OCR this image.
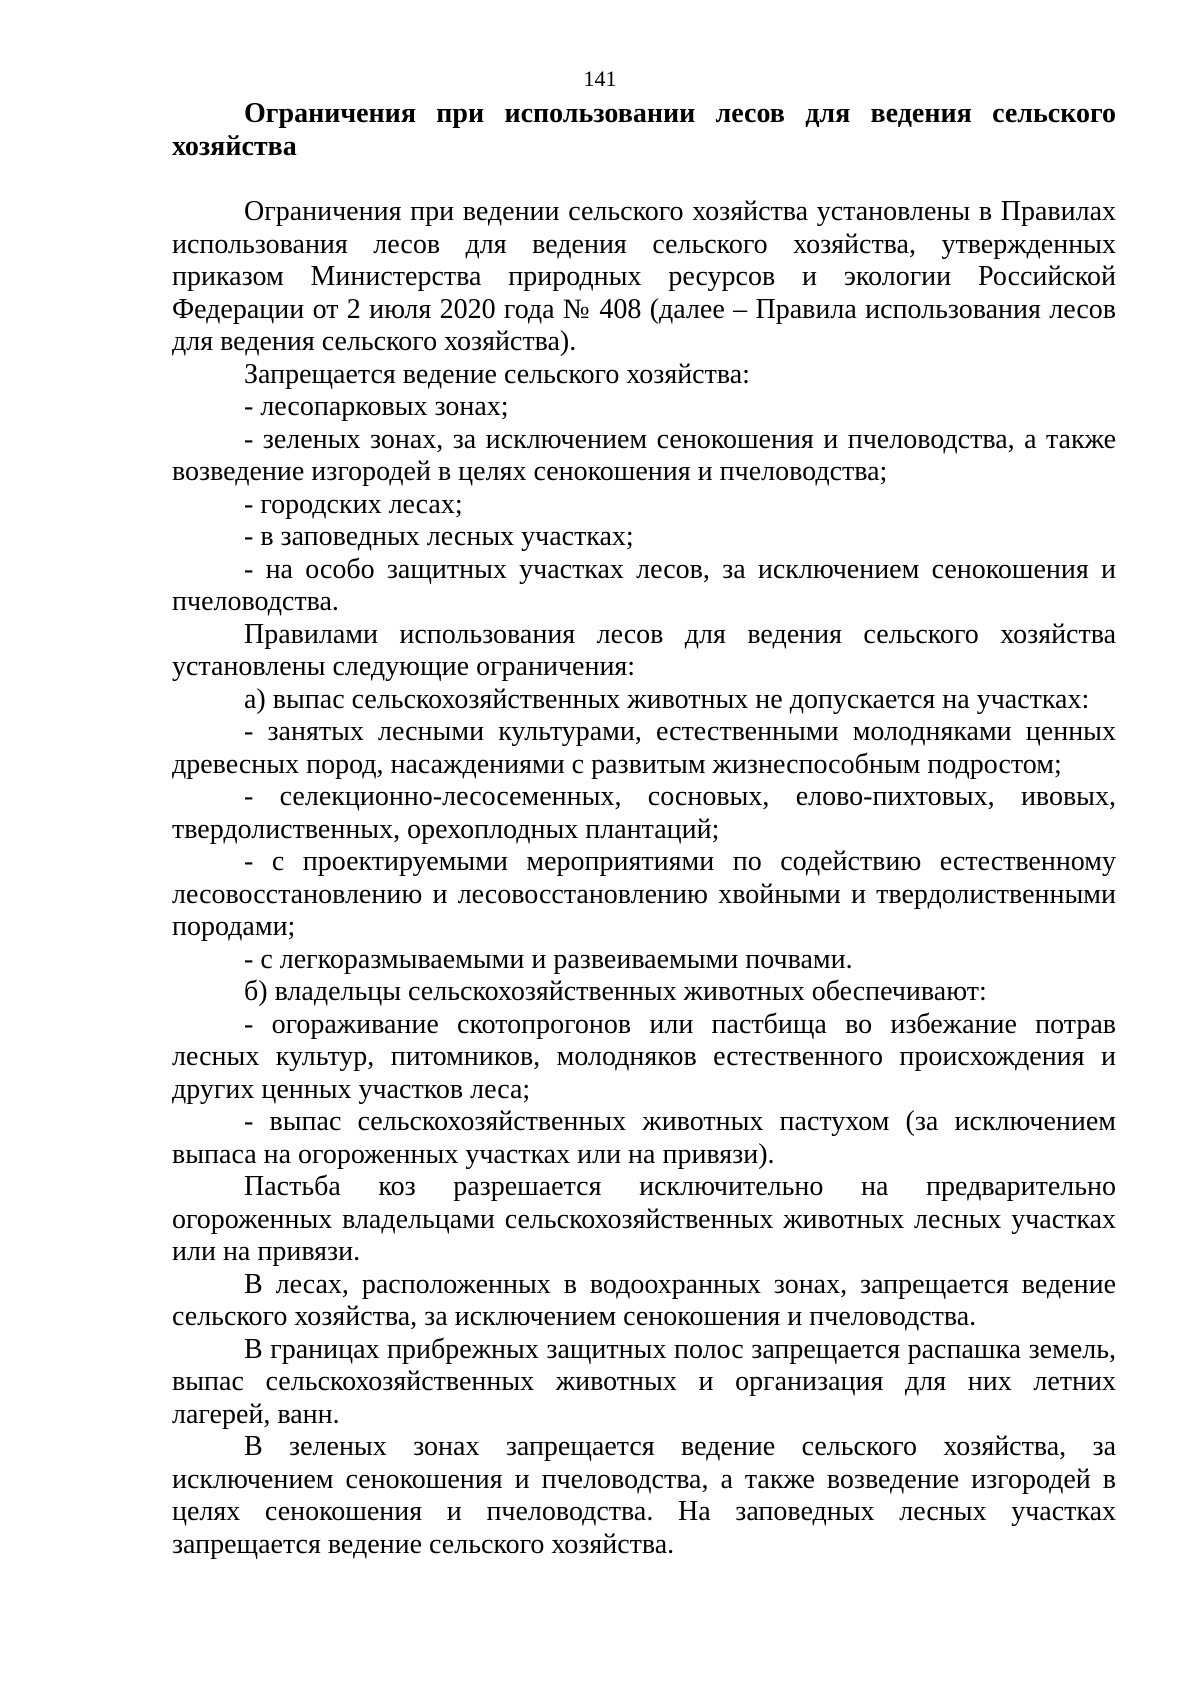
141

Ограничения при использовании лесов для ведения сельского хозяйства

Ограничения при ведении сельского хозяйства установлены в Правилах использования лесов для ведения сельского хозяйства, утвержденных приказом Министерства природных ресурсов и экологии Российской Федерации от 2 июля 2020 года № 408 (далее – Правила использования лесов для ведения сельского хозяйства).

Запрещается ведение сельского хозяйства:

- лесопарковых зонах;

- зеленых зонах, за исключением сенокошения и пчеловодства, а также возведение изгородей в целях сенокошения и пчеловодства;

- городских лесах;

- в заповедных лесных участках;

- на особо защитных участках лесов, за исключением сенокошения и пчеловодства.

Правилами использования лесов для ведения сельского хозяйства установлены следующие ограничения:

а) выпас сельскохозяйственных животных не допускается на участках:

- занятых лесными культурами, естественными молодняками ценных древесных пород, насаждениями с развитым жизнеспособным подростом;

- селекционно-лесосеменных, сосновых, елово-пихтовых, ивовых, твердолиственных, орехоплодных плантаций;

- с проектируемыми мероприятиями по содействию естественному лесовосстановлению и лесовосстановлению хвойными и твердолиственными породами;

- с легкоразмываемыми и развеиваемыми почвами.

б) владельцы сельскохозяйственных животных обеспечивают:

- огораживание скотопрогонов или пастбища во избежание потрав лесных культур, питомников, молодняков естественного происхождения и других ценных участков леса;

- выпас сельскохозяйственных животных пастухом (за исключением выпаса на огороженных участках или на привязи).

Пастьба коз разрешается исключительно на предварительно огороженных владельцами сельскохозяйственных животных лесных участках или на привязи.

В лесах, расположенных в водоохранных зонах, запрещается ведение сельского хозяйства, за исключением сенокошения и пчеловодства.

В границах прибрежных защитных полос запрещается распашка земель, выпас сельскохозяйственных животных и организация для них летних лагерей, ванн.

В зеленых зонах запрещается ведение сельского хозяйства, за исключением сенокошения и пчеловодства, а также возведение изгородей в целях сенокошения и пчеловодства. На заповедных лесных участках запрещается ведение сельского хозяйства.
